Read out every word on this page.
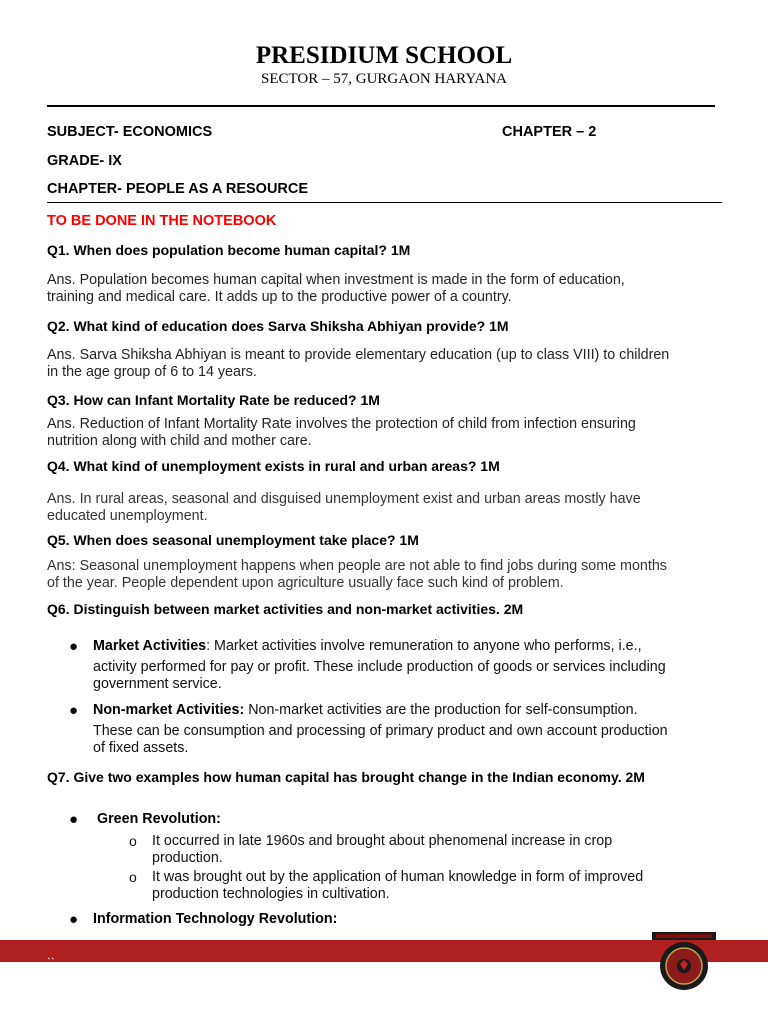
PRESIDIUM SCHOOL
SECTOR – 57, GURGAON HARYANA
SUBJECT- ECONOMICS	CHAPTER – 2
GRADE- IX
CHAPTER- PEOPLE AS A RESOURCE
TO BE DONE IN THE NOTEBOOK
Q1. When does population become human capital? 1M
Ans. Population becomes human capital when investment is made in the form of education,
training and medical care. It adds up to the productive power of a country.
Q2. What kind of education does Sarva Shiksha Abhiyan provide? 1M
Ans. Sarva Shiksha Abhiyan is meant to provide elementary education (up to class VIII) to children
in the age group of 6 to 14 years.
Q3. How can Infant Mortality Rate be reduced? 1M
Ans. Reduction of Infant Mortality Rate involves the protection of child from infection ensuring
nutrition along with child and mother care.
Q4. What kind of unemployment exists in rural and urban areas? 1M
Ans. In rural areas, seasonal and disguised unemployment exist and urban areas mostly have
educated unemployment.
Q5. When does seasonal unemployment take place? 1M
Ans: Seasonal unemployment happens when people are not able to find jobs during some months
of the year. People dependent upon agriculture usually face such kind of problem.
Q6. Distinguish between market activities and non-market activities. 2M
● Market Activities: Market activities involve remuneration to anyone who performs, i.e.,
activity performed for pay or profit. These include production of goods or services including
government service.
● Non-market Activities: Non-market activities are the production for self-consumption.
These can be consumption and processing of primary product and own account production
of fixed assets.
Q7. Give two examples how human capital has brought change in the Indian economy. 2M
● Green Revolution:
o It occurred in late 1960s and brought about phenomenal increase in crop
production.
o It was brought out by the application of human knowledge in form of improved
production technologies in cultivation.
● Information Technology Revolution:
ˎˎ
